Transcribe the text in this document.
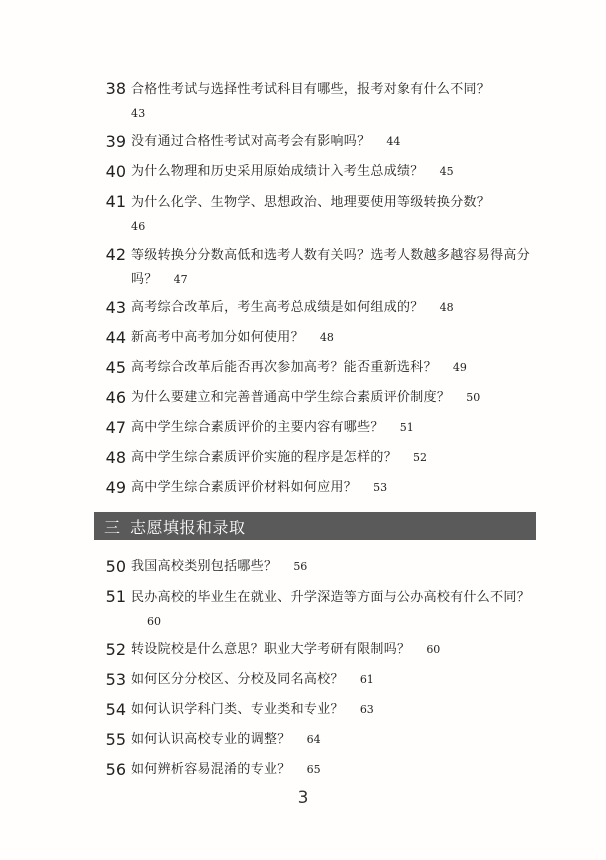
38 合格性考试与选择性考试科目有哪些，报考对象有什么不同？
43
39 没有通过合格性考试对高考会有影响吗？ 44
40 为什么物理和历史采用原始成绩计入考生总成绩？ 45
41 为什么化学、生物学、思想政治、地理要使用等级转换分数？
46
42 等级转换分分数高低和选考人数有关吗？选考人数越多越容易得高分吗？ 47
43 高考综合改革后，考生高考总成绩是如何组成的？ 48
44 新高考中高考加分如何使用？ 48
45 高考综合改革后能否再次参加高考？能否重新选科？ 49
46 为什么要建立和完善普通高中学生综合素质评价制度？ 50
47 高中学生综合素质评价的主要内容有哪些？ 51
48 高中学生综合素质评价实施的程序是怎样的？ 52
49 高中学生综合素质评价材料如何应用？ 53
三 志愿填报和录取
50 我国高校类别包括哪些？ 56
51 民办高校的毕业生在就业、升学深造等方面与公办高校有什么不同？60
52 转设院校是什么意思？职业大学考研有限制吗？ 60
53 如何区分分校区、分校及同名高校？ 61
54 如何认识学科门类、专业类和专业？ 63
55 如何认识高校专业的调整？ 64
56 如何辨析容易混淆的专业？ 65
3
